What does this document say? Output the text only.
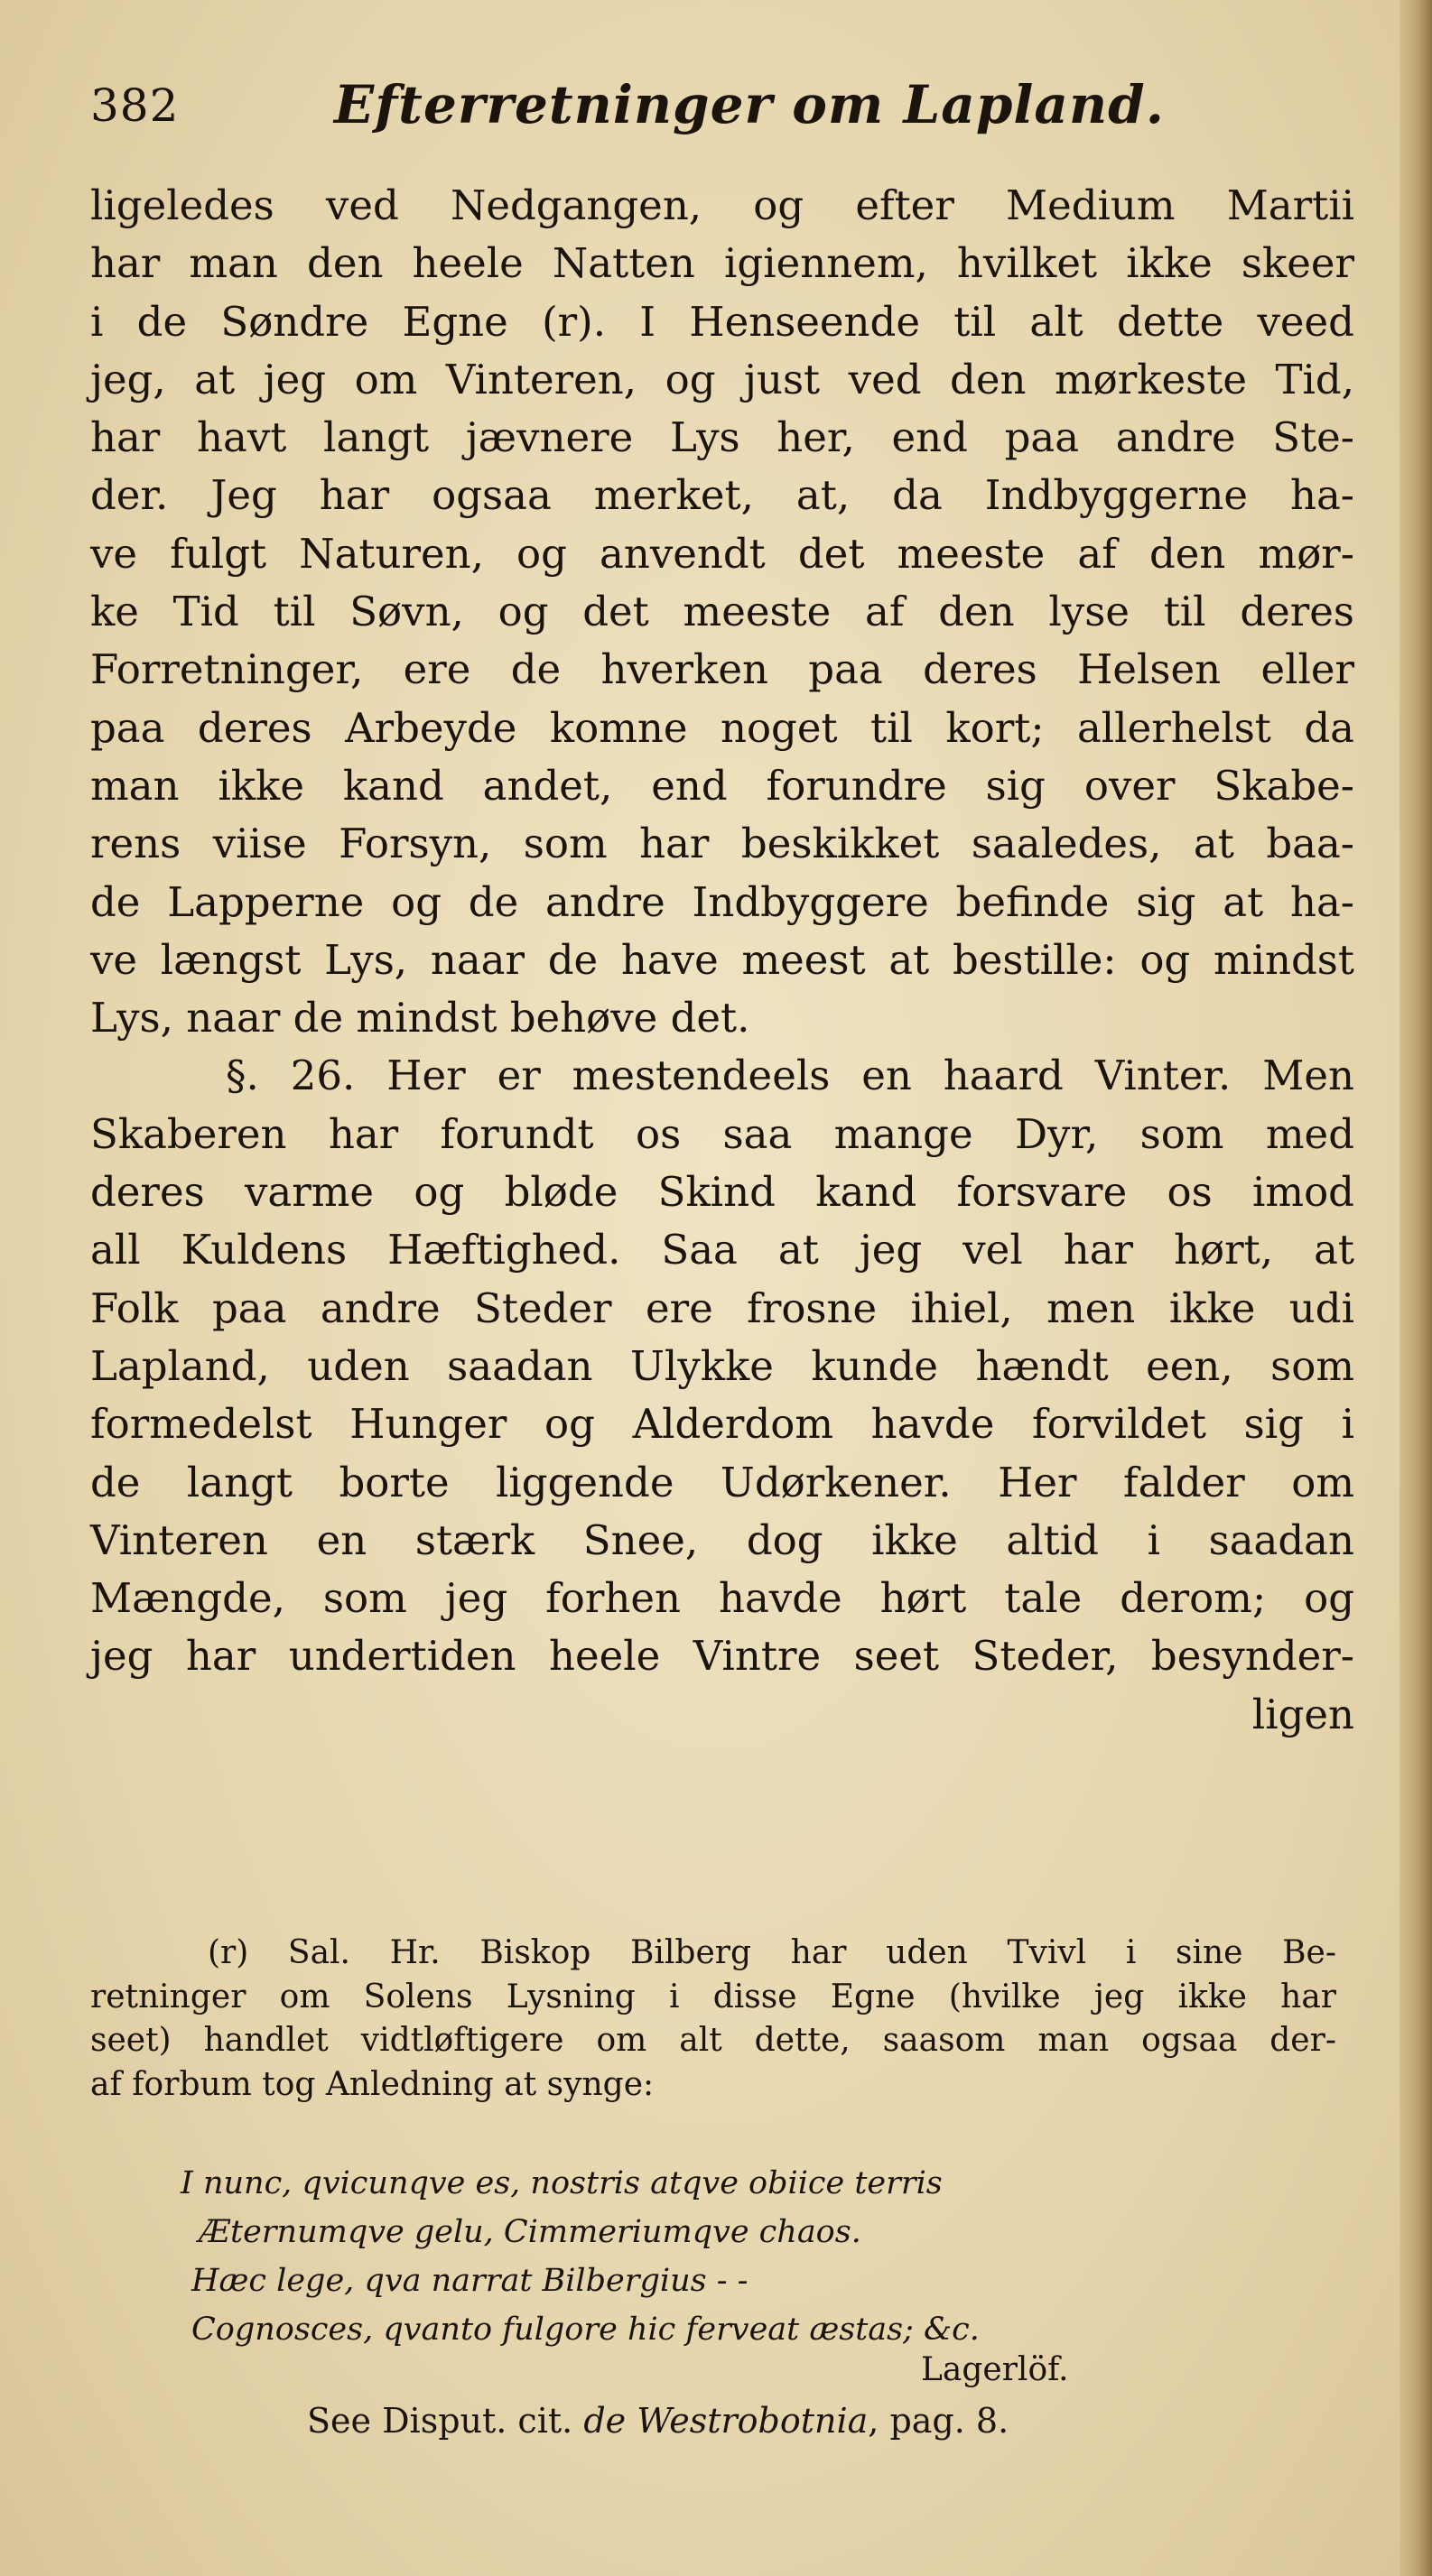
382	Efterretninger om Lapland.
ligeledes ved Nedgangen, og efter Medium Martii
har man den heele Natten igiennem, hvilket ikke skeer
i de Søndre Egne (r). I Henseende til alt dette veed
jeg, at jeg om Vinteren, og just ved den mørkeste Tid,
har havt langt jævnere Lys her, end paa andre Ste-
der. Jeg har ogsaa merket, at, da Indbyggerne ha-
ve fulgt Naturen, og anvendt det meeste af den mør-
ke Tid til Søvn, og det meeste af den lyse til deres
Forretninger, ere de hverken paa deres Helsen eller
paa deres Arbeyde komne noget til kort; allerhelst da
man ikke kand andet, end forundre sig over Skabe-
rens viise Forsyn, som har beskikket saaledes, at baa-
de Lapperne og de andre Indbyggere befinde sig at ha-
ve længst Lys, naar de have meest at bestille: og mindst
Lys, naar de mindst behøve det.
§. 26. Her er mestendeels en haard Vinter. Men
Skaberen har forundt os saa mange Dyr, som med
deres varme og bløde Skind kand forsvare os imod
all Kuldens Hæftighed. Saa at jeg vel har hørt, at
Folk paa andre Steder ere frosne ihiel, men ikke udi
Lapland, uden saadan Ulykke kunde hændt een, som
formedelst Hunger og Alderdom havde forvildet sig i
de langt borte liggende Udørkener. Her falder om
Vinteren en stærk Snee, dog ikke altid i saadan
Mængde, som jeg forhen havde hørt tale derom; og
jeg har undertiden heele Vintre seet Steder, besynder-
ligen
(r) Sal. Hr. Biskop Bilberg har uden Tvivl i sine Be-
retninger om Solens Lysning i disse Egne (hvilke jeg ikke har
seet) handlet vidtløftigere om alt dette, saasom man ogsaa der-
af forbum tog Anledning at synge:
I nunc, qvicunqve es, nostris atqve obiice terris
Æternumqve gelu, Cimmeriumqve chaos.
Hæc lege, qva narrat Bilbergius - -
Cognosces, qvanto fulgore hic ferveat æstas; &c.
Lagerlöf.
See Disput. cit. de Westrobotnia, pag. 8.
